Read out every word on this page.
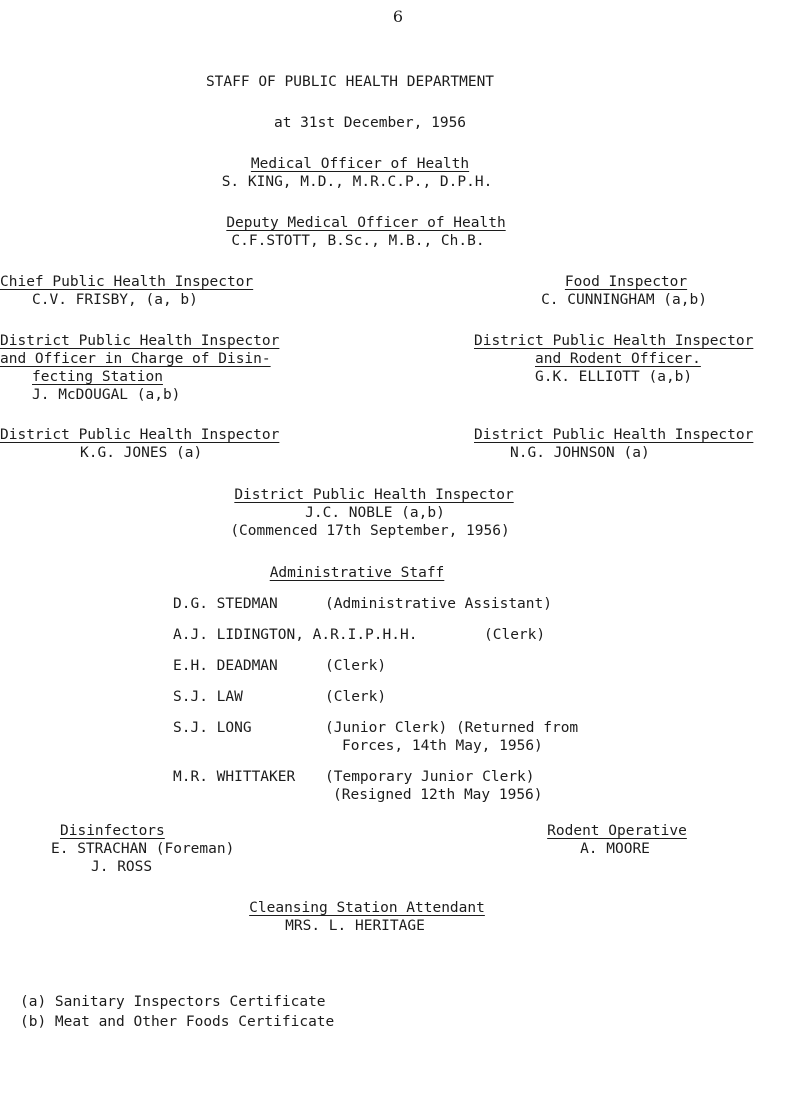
6
STAFF OF PUBLIC HEALTH DEPARTMENT
at 31st December, 1956
Medical Officer of Health
S. KING, M.D., M.R.C.P., D.P.H.
Deputy Medical Officer of Health
C.F.STOTT, B.Sc., M.B., Ch.B.
Chief Public Health Inspector
C.V. FRISBY, (a, b)
Food Inspector
C. CUNNINGHAM (a,b)
District Public Health Inspector
and Officer in Charge of Disin-
fecting Station
J. McDOUGAL (a,b)
District Public Health Inspector
and Rodent Officer.
G.K. ELLIOTT (a,b)
District Public Health Inspector
K.G. JONES (a)
District Public Health Inspector
N.G. JOHNSON (a)
District Public Health Inspector
J.C. NOBLE (a,b)
(Commenced 17th September, 1956)
Administrative Staff
D.G. STEDMAN	(Administrative Assistant)
A.J. LIDINGTON, A.R.I.P.H.H.	(Clerk)
E.H. DEADMAN	(Clerk)
S.J. LAW	(Clerk)
S.J. LONG	(Junior Clerk) (Returned from
Forces, 14th May, 1956)
M.R. WHITTAKER (Temporary Junior Clerk)
(Resigned 12th May 1956)
Disinfectors
E. STRACHAN (Foreman)
J. ROSS
Rodent Operative
A. MOORE
Cleansing Station Attendant
MRS. L. HERITAGE
(a) Sanitary Inspectors Certificate
(b) Meat and Other Foods Certificate
